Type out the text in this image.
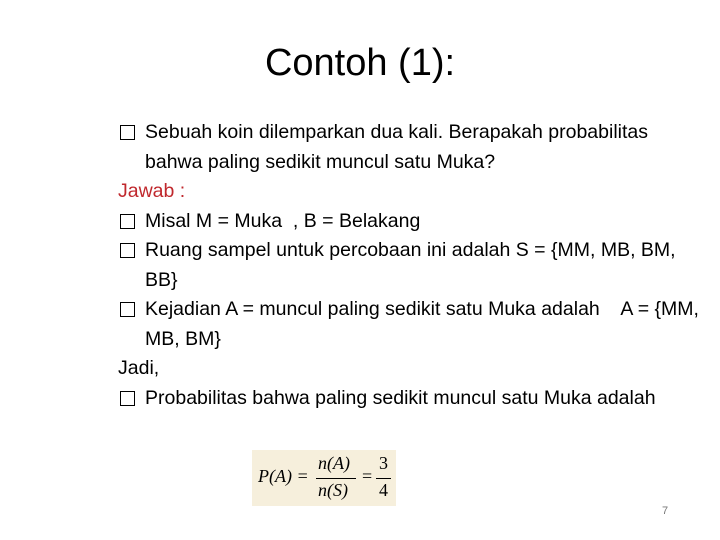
Contoh (1):
Sebuah koin dilemparkan dua kali. Berapakah probabilitas bahwa paling sedikit muncul satu Muka?
Jawab :
Misal M = Muka  , B = Belakang
Ruang sampel untuk percobaan ini adalah S = {MM, MB, BM, BB}
Kejadian A = muncul paling sedikit satu Muka adalah    A = {MM, MB, BM}
Jadi,
Probabilitas bahwa paling sedikit muncul satu Muka adalah
P(A) =
n(A)
n(S)
=
3
4
7
